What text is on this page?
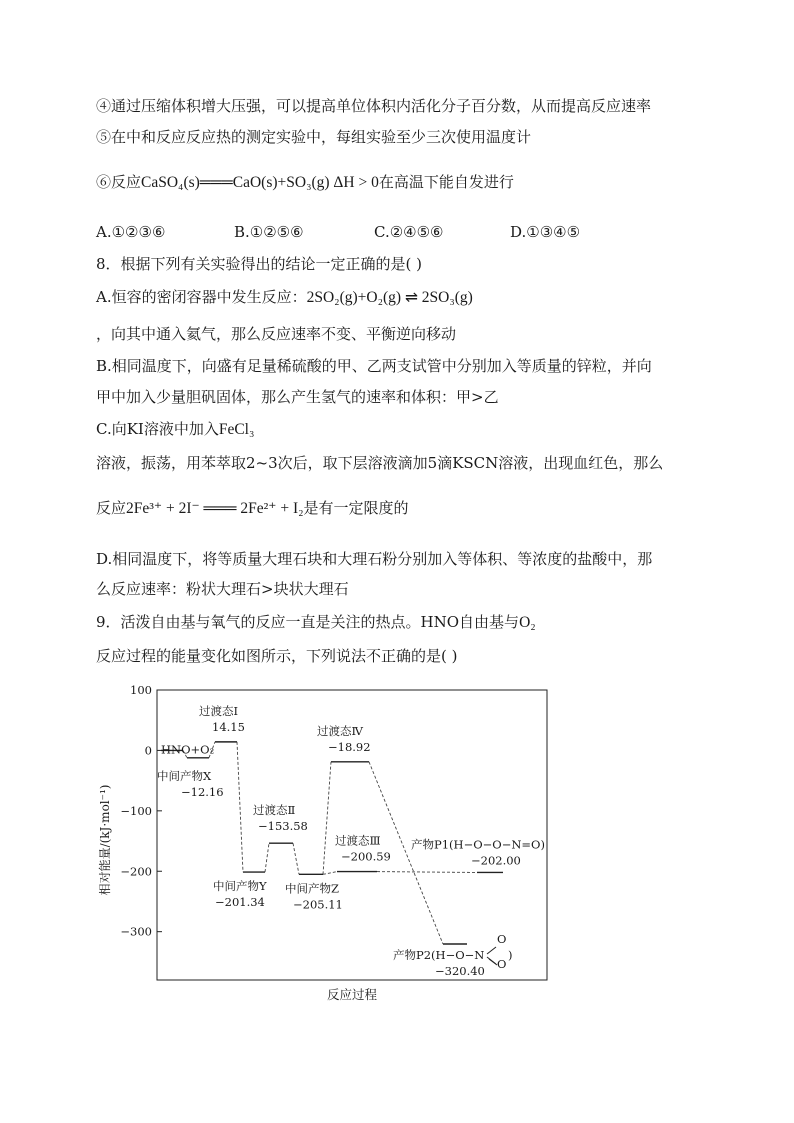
④通过压缩体积增大压强，可以提高单位体积内活化分子百分数，从而提高反应速率
⑤在中和反应反应热的测定实验中，每组实验至少三次使用温度计
⑥反应CaSO₄(s)═══CaO(s)+SO₃(g) ΔH > 0在高温下能自发进行
A.①②③⑥	B.①②⑤⑥	C.②④⑤⑥	D.①③④⑤
8．根据下列有关实验得出的结论一定正确的是( )
A.恒容的密闭容器中发生反应：2SO₂(g)+O₂(g) ⇌ 2SO₃(g)
，向其中通入氦气，那么反应速率不变、平衡逆向移动
B.相同温度下，向盛有足量稀硫酸的甲、乙两支试管中分别加入等质量的锌粒，并向
甲中加入少量胆矾固体，那么产生氢气的速率和体积：甲>乙
C.向KI溶液中加入FeCl₃
溶液，振荡，用苯萃取2~3次后，取下层溶液滴加5滴KSCN溶液，出现血红色，那么
反应2Fe³⁺ + 2I⁻ ═══ 2Fe²⁺ + I₂是有一定限度的
D.相同温度下，将等质量大理石块和大理石粉分别加入等体积、等浓度的盐酸中，那
么反应速率：粉状大理石>块状大理石
9．活泼自由基与氧气的反应一直是关注的热点。HNO自由基与O₂
反应过程的能量变化如图所示，下列说法不正确的是( )
100
0
−100
−200
−300
相对能量/(kJ·mol⁻¹)
反应过程
HNO+O₂
中间产物X
过渡态Ⅰ
中间产物Y
过渡态Ⅱ
中间产物Z
过渡态Ⅳ
过渡态Ⅲ	产物P1(H−O−O−N=O)
产物P2(H−O−N
14.15
−12.16
−153.58
−201.34 −205.11
−18.92
−200.59	−202.00
−320.40
O
O
)
